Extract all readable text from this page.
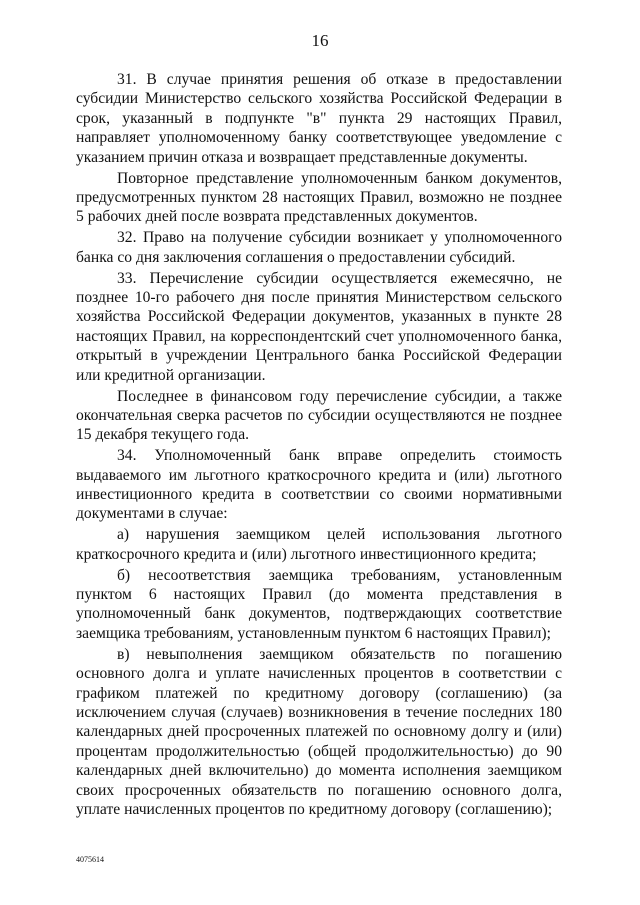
16

31. В случае принятия решения об отказе в предоставлении субсидии Министерство сельского хозяйства Российской Федерации в срок, указанный в подпункте "в" пункта 29 настоящих Правил, направляет уполномоченному банку соответствующее уведомление с указанием причин отказа и возвращает представленные документы.

Повторное представление уполномоченным банком документов, предусмотренных пунктом 28 настоящих Правил, возможно не позднее 5 рабочих дней после возврата представленных документов.

32. Право на получение субсидии возникает у уполномоченного банка со дня заключения соглашения о предоставлении субсидий.

33. Перечисление субсидии осуществляется ежемесячно, не позднее 10-го рабочего дня после принятия Министерством сельского хозяйства Российской Федерации документов, указанных в пункте 28 настоящих Правил, на корреспондентский счет уполномоченного банка, открытый в учреждении Центрального банка Российской Федерации или кредитной организации.

Последнее в финансовом году перечисление субсидии, а также окончательная сверка расчетов по субсидии осуществляются не позднее 15 декабря текущего года.

34. Уполномоченный банк вправе определить стоимость выдаваемого им льготного краткосрочного кредита и (или) льготного инвестиционного кредита в соответствии со своими нормативными документами в случае:

а) нарушения заемщиком целей использования льготного краткосрочного кредита и (или) льготного инвестиционного кредита;

б) несоответствия заемщика требованиям, установленным пунктом 6 настоящих Правил (до момента представления в уполномоченный банк документов, подтверждающих соответствие заемщика требованиям, установленным пунктом 6 настоящих Правил);

в) невыполнения заемщиком обязательств по погашению основного долга и уплате начисленных процентов в соответствии с графиком платежей по кредитному договору (соглашению) (за исключением случая (случаев) возникновения в течение последних 180 календарных дней просроченных платежей по основному долгу и (или) процентам продолжительностью (общей продолжительностью) до 90 календарных дней включительно) до момента исполнения заемщиком своих просроченных обязательств по погашению основного долга, уплате начисленных процентов по кредитному договору (соглашению);

4075614
